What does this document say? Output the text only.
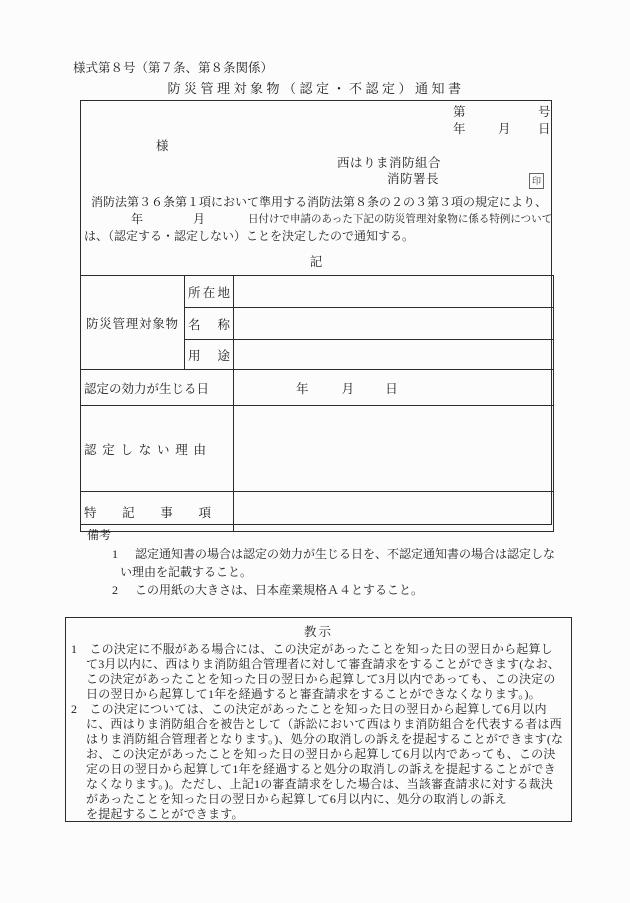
様式第８号（第７条、第８条関係）
防災管理対象物（認定・不認定）通知書
第	号
年	月 日
様
西はりま消防組合
消防署長	印
消防法第３６条第１項において準用する消防法第８条の２の３第３項の規定により、
年	月	日付けで申請のあった下記の防災管理対象物に係る特例について
は、（認定する・認定しない）ことを決定したので通知する。
記
防災管理対象物	所在地	
	名称	
	用途	
認定の効力が生じる日		年 月 日
認定しない理由		
特記事項		
備考
1 認定通知書の場合は認定の効力が生じる日を、不認定通知書の場合は認定しな
い理由を記載すること。
2 この用紙の大きさは、日本産業規格Ａ４とすること。
教示
1　この決定に不服がある場合には、この決定があったことを知った日の翌日から起算し
て3月以内に、西はりま消防組合管理者に対して審査請求をすることができます(なお、
この決定があったことを知った日の翌日から起算して3月以内であっても、この決定の
日の翌日から起算して1年を経過すると審査請求をすることができなくなります。)。
2　この決定については、この決定があったことを知った日の翌日から起算して6月以内
に、西はりま消防組合を被告として（訴訟において西はりま消防組合を代表する者は西
はりま消防組合管理者となります。)、処分の取消しの訴えを提起することができます(な
お、この決定があったことを知った日の翌日から起算して6月以内であっても、この決
定の日の翌日から起算して1年を経過すると処分の取消しの訴えを提起することができ
なくなります。)。ただし、上記1の審査請求をした場合は、当該審査請求に対する裁決
があったことを知った日の翌日から起算して6月以内に、処分の取消しの訴え
を提起することができます。
